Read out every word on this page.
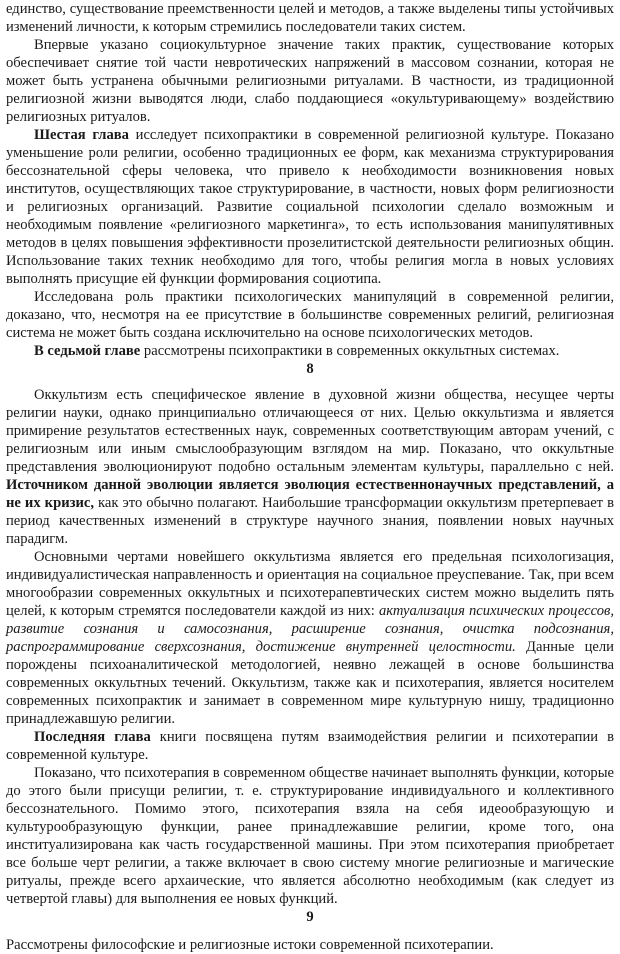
единство, существование преемственности целей и методов, а также выделены типы устойчивых изменений личности, к которым стремились последователи таких систем.

Впервые указано социокультурное значение таких практик, существование которых обеспечивает снятие той части невротических напряжений в массовом сознании, которая не может быть устранена обычными религиозными ритуалами. В частности, из традиционной религиозной жизни выводятся люди, слабо поддающиеся «окультуривающему» воздействию религиозных ритуалов.

Шестая глава исследует психопрактики в современной религиозной культуре. Показано уменьшение роли религии, особенно традиционных ее форм, как механизма структурирования бессознательной сферы человека, что привело к необходимости возникновения новых институтов, осуществляющих такое структурирование, в частности, новых форм религиозности и религиозных организаций. Развитие социальной психологии сделало возможным и необходимым появление «религиозного маркетинга», то есть использования манипулятивных методов в целях повышения эффективности прозелитистской деятельности религиозных общин. Использование таких техник необходимо для того, чтобы религия могла в новых условиях выполнять присущие ей функции формирования социотипа.

Исследована роль практики психологических манипуляций в современной религии, доказано, что, несмотря на ее присутствие в большинстве современных религий, религиозная система не может быть создана исключительно на основе психологических методов.

В седьмой главе рассмотрены психопрактики в современных оккультных системах.

8

Оккультизм есть специфическое явление в духовной жизни общества, несущее черты религии науки, однако принципиально отличающееся от них. Целью оккультизма и является примирение результатов естественных наук, современных соответствующим авторам учений, с религиозным или иным смыслообразующим взглядом на мир. Показано, что оккультные представления эволюционируют подобно остальным элементам культуры, параллельно с ней. Источником данной эволюции является эволюция естественнонаучных представлений, а не их кризис, как это обычно полагают. Наибольшие трансформации оккультизм претерпевает в период качественных изменений в структуре научного знания, появлении новых научных парадигм.

Основными чертами новейшего оккультизма является его предельная психологизация, индивидуалистическая направленность и ориентация на социальное преуспевание. Так, при всем многообразии современных оккультных и психотерапевтических систем можно выделить пять целей, к которым стремятся последователи каждой из них: актуализация психических процессов, развитие сознания и самосознания, расширение сознания, очистка подсознания, распрограммирование сверхсознания, достижение внутренней целостности. Данные цели порождены психоаналитической методологией, неявно лежащей в основе большинства современных оккультных течений. Оккультизм, также как и психотерапия, является носителем современных психопрактик и занимает в современном мире культурную нишу, традиционно принадлежавшую религии.

Последняя глава книги посвящена путям взаимодействия религии и психотерапии в современной культуре.

Показано, что психотерапия в современном обществе начинает выполнять функции, которые до этого были присущи религии, т. е. структурирование индивидуального и коллективного бессознательного. Помимо этого, психотерапия взяла на себя идеообразующую и культурообразующую функции, ранее принадлежавшие религии, кроме того, она институализирована как часть государственной машины. При этом психотерапия приобретает все больше черт религии, а также включает в свою систему многие религиозные и магические ритуалы, прежде всего архаические, что является абсолютно необходимым (как следует из четвертой главы) для выполнения ее новых функций.

9

Рассмотрены философские и религиозные истоки современной психотерапии.
